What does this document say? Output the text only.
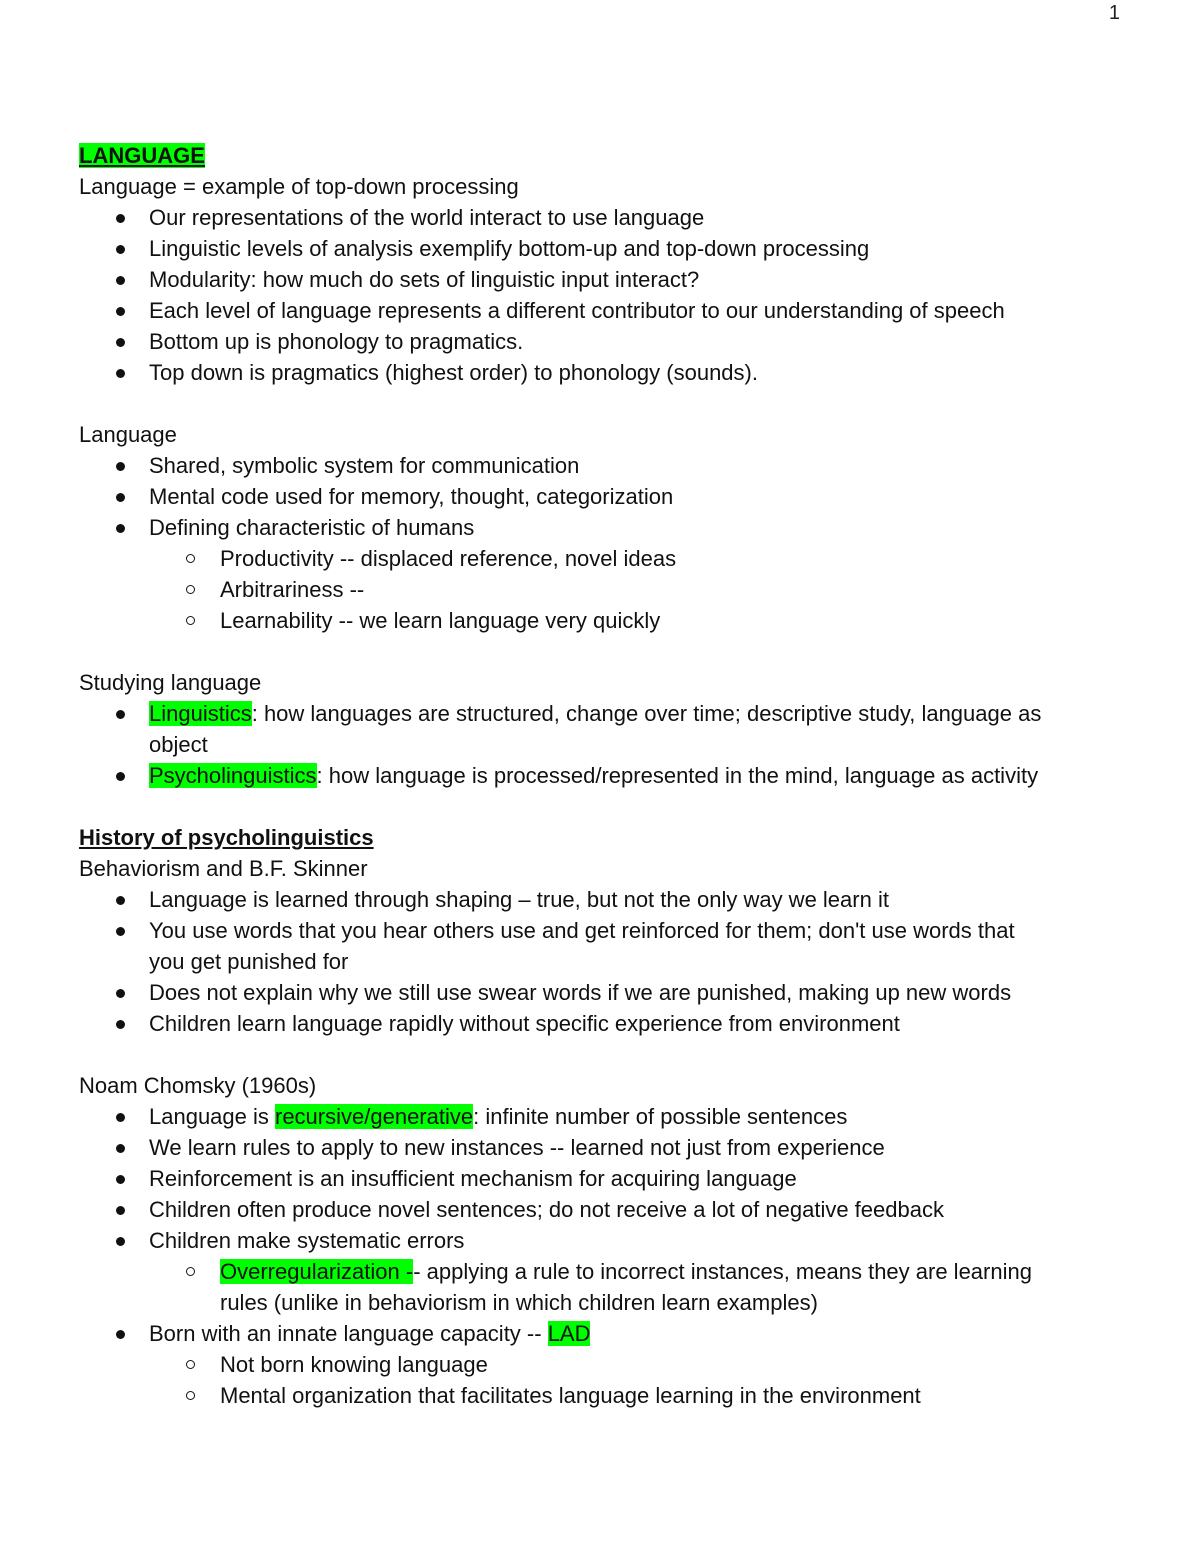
1

LANGUAGE

Language = example of top-down processing

Our representations of the world interact to use language
Linguistic levels of analysis exemplify bottom-up and top-down processing
Modularity: how much do sets of linguistic input interact?
Each level of language represents a different contributor to our understanding of speech
Bottom up is phonology to pragmatics.
Top down is pragmatics (highest order) to phonology (sounds).

Language

Shared, symbolic system for communication
Mental code used for memory, thought, categorization
Defining characteristic of humans
Productivity -- displaced reference, novel ideas
Arbitrariness --
Learnability -- we learn language very quickly

Studying language

Linguistics: how languages are structured, change over time; descriptive study, language as
object
Psycholinguistics: how language is processed/represented in the mind, language as activity

History of psycholinguistics

Behaviorism and B.F. Skinner

Language is learned through shaping – true, but not the only way we learn it
You use words that you hear others use and get reinforced for them; don't use words that
you get punished for
Does not explain why we still use swear words if we are punished, making up new words
Children learn language rapidly without specific experience from environment

Noam Chomsky (1960s)

Language is recursive/generative: infinite number of possible sentences
We learn rules to apply to new instances -- learned not just from experience
Reinforcement is an insufficient mechanism for acquiring language
Children often produce novel sentences; do not receive a lot of negative feedback
Children make systematic errors
Overregularization -- applying a rule to incorrect instances, means they are learning
rules (unlike in behaviorism in which children learn examples)
Born with an innate language capacity -- LAD
Not born knowing language
Mental organization that facilitates language learning in the environment
